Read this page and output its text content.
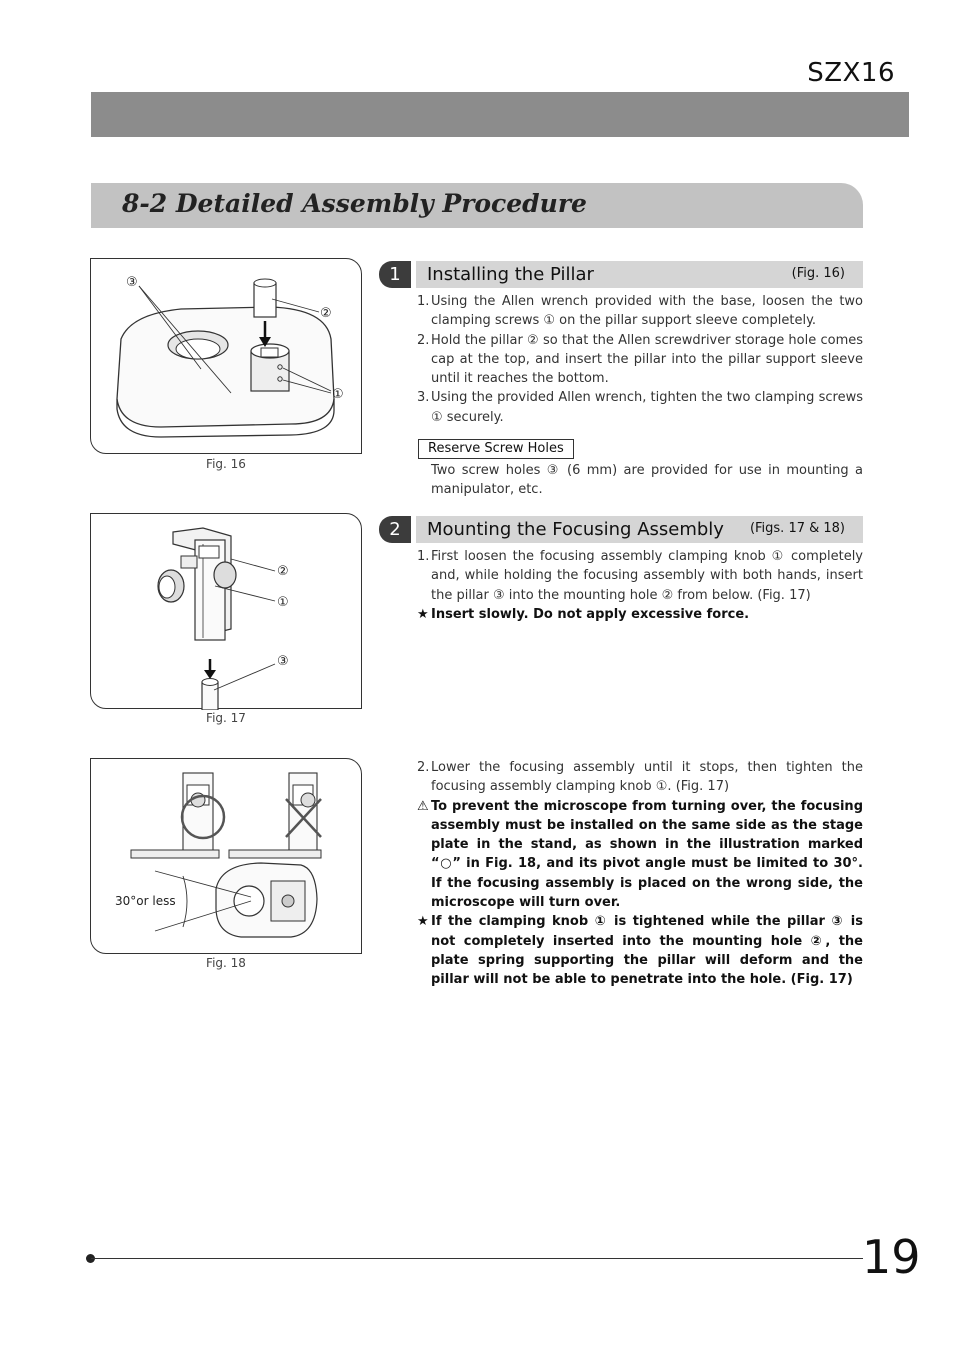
SZX16
8-2 Detailed Assembly Procedure
③
②
①
Fig. 16
②
①
③
Fig. 17
30°or less
Fig. 18
1	Installing the Pillar	(Fig. 16)
1. Using the Allen wrench provided with the base, loosen the two clamping screws ① on the pillar support sleeve completely.
2. Hold the pillar ② so that the Allen screwdriver storage hole comes cap at the top, and insert the pillar into the pillar support sleeve until it reaches the bottom.
3. Using the provided Allen wrench, tighten the two clamping screws ① securely.
Reserve Screw Holes
Two screw holes ③ (6 mm) are provided for use in mounting a manipulator, etc.
2	Mounting the Focusing Assembly (Figs. 17 & 18)
1. First loosen the focusing assembly clamping knob ① completely and, while holding the focusing assembly with both hands, insert the pillar ③ into the mounting hole ② from below. (Fig. 17)
★ Insert slowly. Do not apply excessive force.
2. Lower the focusing assembly until it stops, then tighten the focusing assembly clamping knob ①. (Fig. 17)
⚠ To prevent the microscope from turning over, the focusing assembly must be installed on the same side as the stage plate in the stand, as shown in the illustration marked “○” in Fig. 18, and its pivot angle must be limited to 30°. If the focusing assembly is placed on the wrong side, the microscope will turn over.
★ If the clamping knob ① is tightened while the pillar ③ is not completely inserted into the mounting hole ②, the plate spring supporting the pillar will deform and the pillar will not be able to penetrate into the hole. (Fig. 17)
19
